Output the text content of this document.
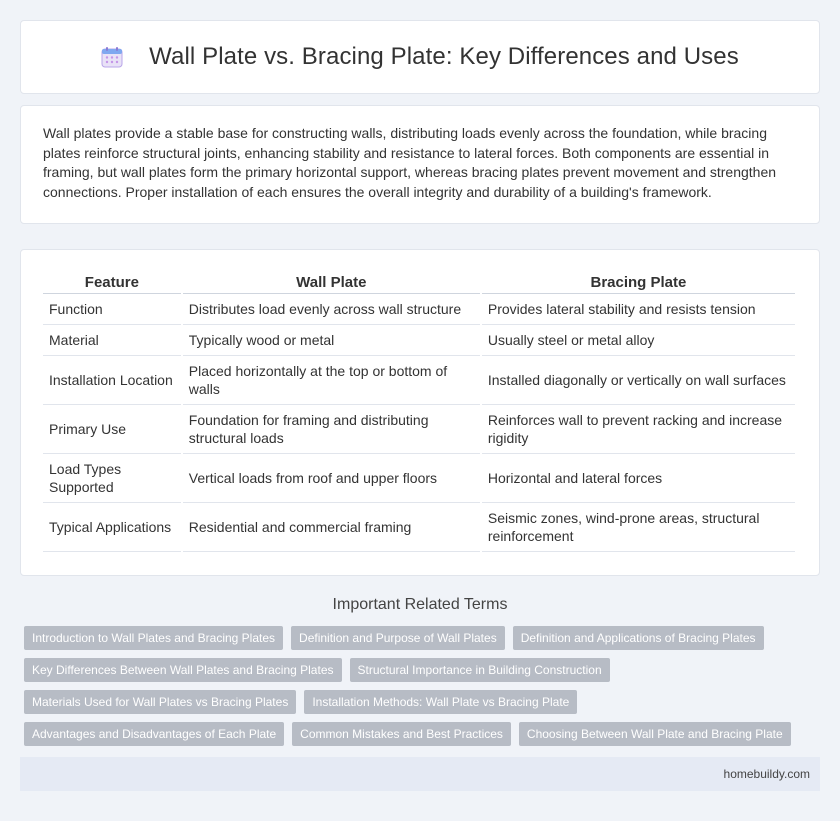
Wall Plate vs. Bracing Plate: Key Differences and Uses

Wall plates provide a stable base for constructing walls, distributing loads evenly across the foundation, while bracing plates reinforce structural joints, enhancing stability and resistance to lateral forces. Both components are essential in framing, but wall plates form the primary horizontal support, whereas bracing plates prevent movement and strengthen connections. Proper installation of each ensures the overall integrity and durability of a building's framework.

Feature	Wall Plate	Bracing Plate
Function	Distributes load evenly across wall structure	Provides lateral stability and resists tension
Material	Typically wood or metal	Usually steel or metal alloy
Installation Location	Placed horizontally at the top or bottom of walls	Installed diagonally or vertically on wall surfaces
Primary Use	Foundation for framing and distributing structural loads	Reinforces wall to prevent racking and increase rigidity
Load Types Supported	Vertical loads from roof and upper floors	Horizontal and lateral forces
Typical Applications	Residential and commercial framing	Seismic zones, wind-prone areas, structural reinforcement
Important Related Terms
Introduction to Wall Plates and Bracing Plates	Definition and Purpose of Wall Plates	Definition and Applications of Bracing Plates
Key Differences Between Wall Plates and Bracing Plates	Structural Importance in Building Construction
Materials Used for Wall Plates vs Bracing Plates	Installation Methods: Wall Plate vs Bracing Plate
Advantages and Disadvantages of Each Plate	Common Mistakes and Best Practices	Choosing Between Wall Plate and Bracing Plate
homebuildy.com
